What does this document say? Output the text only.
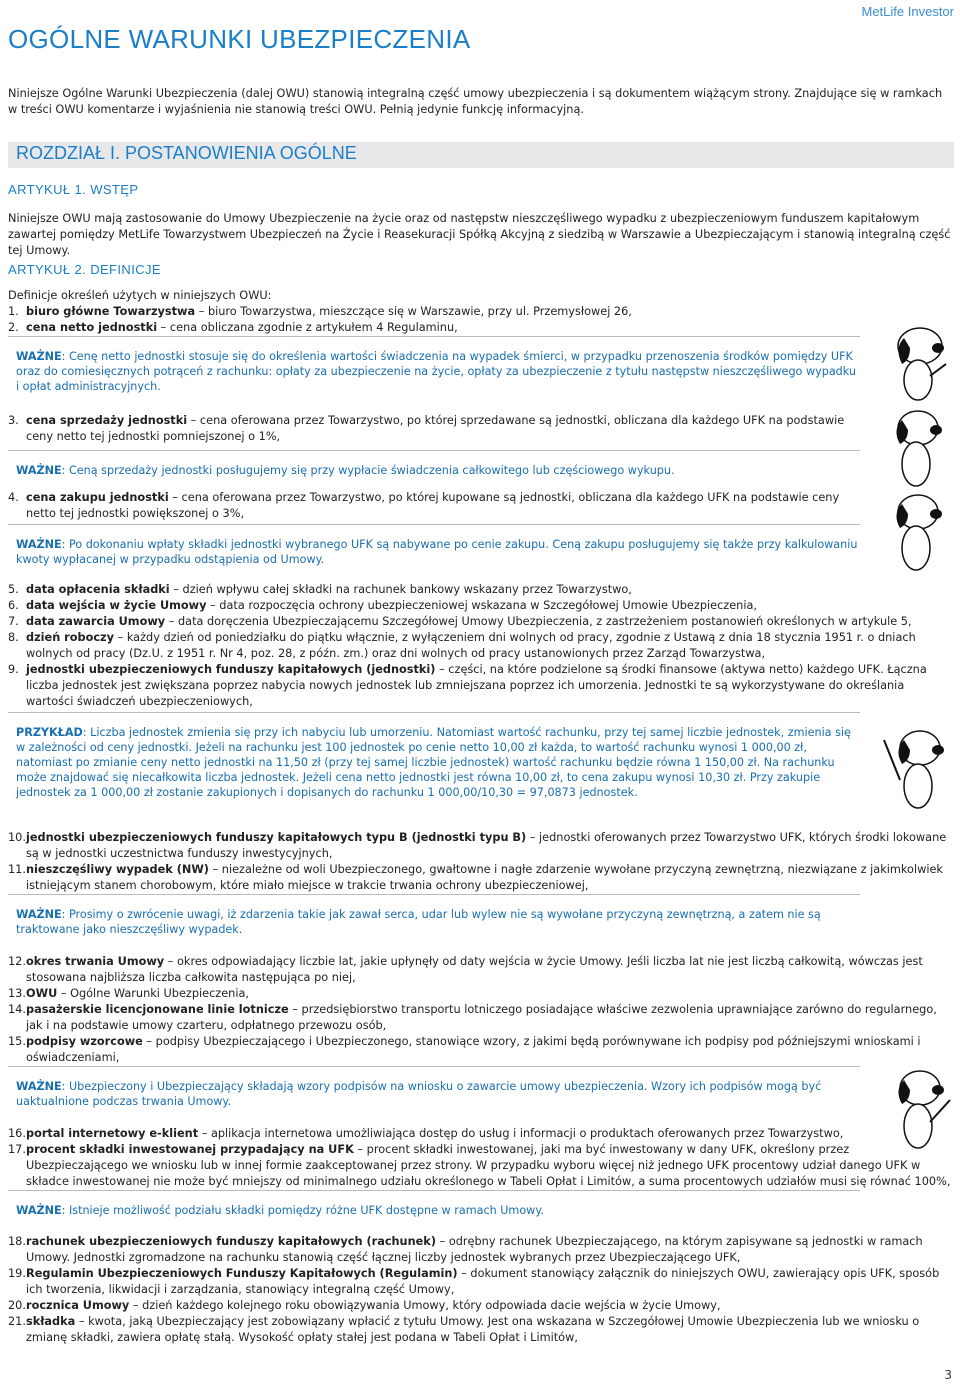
OGÓLNE WARUNKI UBEZPIECZENIA
MetLife Investor

Niniejsze Ogólne Warunki Ubezpieczenia (dalej OWU) stanowią integralną część umowy ubezpieczenia i są dokumentem wiążącym strony. Znajdujące się w ramkach w treści OWU komentarze i wyjaśnienia nie stanowią treści OWU. Pełnią jedynie funkcję informacyjną.

ROZDZIAŁ I. POSTANOWIENIA OGÓLNE
ARTYKUŁ 1. WSTĘP

Niniejsze OWU mają zastosowanie do Umowy Ubezpieczenie na życie oraz od następstw nieszczęśliwego wypadku z ubezpieczeniowym funduszem kapitałowym zawartej pomiędzy MetLife Towarzystwem Ubezpieczeń na Życie i Reasekuracji Spółką Akcyjną z siedzibą w Warszawie a Ubezpieczającym i stanowią integralną część tej Umowy.

ARTYKUŁ 2. DEFINICJE

Definicje określeń użytych w niniejszych OWU:

1. biuro główne Towarzystwa – biuro Towarzystwa, mieszczące się w Warszawie, przy ul. Przemysłowej 26,
2. cena netto jednostki – cena obliczana zgodnie z artykułem 4 Regulaminu,
WAŻNE: Cenę netto jednostki stosuje się do określenia wartości świadczenia na wypadek śmierci, w przypadku przenoszenia środków pomiędzy UFK oraz do comiesięcznych potrąceń z rachunku: opłaty za ubezpieczenie na życie, opłaty za ubezpieczenie z tytułu następstw nieszczęśliwego wypadku i opłat administracyjnych.
3. cena sprzedaży jednostki – cena oferowana przez Towarzystwo, po której sprzedawane są jednostki, obliczana dla każdego UFK na podstawie ceny netto tej jednostki pomniejszonej o 1%,
WAŻNE: Ceną sprzedaży jednostki posługujemy się przy wypłacie świadczenia całkowitego lub częściowego wykupu.
4. cena zakupu jednostki – cena oferowana przez Towarzystwo, po której kupowane są jednostki, obliczana dla każdego UFK na podstawie ceny netto tej jednostki powiększonej o 3%,
WAŻNE: Po dokonaniu wpłaty składki jednostki wybranego UFK są nabywane po cenie zakupu. Ceną zakupu posługujemy się także przy kalkulowaniu kwoty wypłacanej w przypadku odstąpienia od Umowy.
5. data opłacenia składki – dzień wpływu całej składki na rachunek bankowy wskazany przez Towarzystwo,
6. data wejścia w życie Umowy – data rozpoczęcia ochrony ubezpieczeniowej wskazana w Szczegółowej Umowie Ubezpieczenia,
7. data zawarcia Umowy – data doręczenia Ubezpieczającemu Szczegółowej Umowy Ubezpieczenia, z zastrzeżeniem postanowień określonych w artykule 5,
8. dzień roboczy – każdy dzień od poniedziałku do piątku włącznie, z wyłączeniem dni wolnych od pracy, zgodnie z Ustawą z dnia 18 stycznia 1951 r. o dniach wolnych od pracy (Dz.U. z 1951 r. Nr 4, poz. 28, z późn. zm.) oraz dni wolnych od pracy ustanowionych przez Zarząd Towarzystwa,
9. jednostki ubezpieczeniowych funduszy kapitałowych (jednostki) – części, na które podzielone są środki finansowe (aktywa netto) każdego UFK. Łączna liczba jednostek jest zwiększana poprzez nabycia nowych jednostek lub zmniejszana poprzez ich umorzenia. Jednostki te są wykorzystywane do określania wartości świadczeń ubezpieczeniowych,
PRZYKŁAD: Liczba jednostek zmienia się przy ich nabyciu lub umorzeniu. Natomiast wartość rachunku, przy tej samej liczbie jednostek, zmienia się w zależności od ceny jednostki. Jeżeli na rachunku jest 100 jednostek po cenie netto 10,00 zł każda, to wartość rachunku wynosi 1 000,00 zł, natomiast po zmianie ceny netto jednostki na 11,50 zł (przy tej samej liczbie jednostek) wartość rachunku będzie równa 1 150,00 zł. Na rachunku może znajdować się niecałkowita liczba jednostek. Jeżeli cena netto jednostki jest równa 10,00 zł, to cena zakupu wynosi 10,30 zł. Przy zakupie jednostek za 1 000,00 zł zostanie zakupionych i dopisanych do rachunku 1 000,00/10,30 = 97,0873 jednostek.
10. jednostki ubezpieczeniowych funduszy kapitałowych typu B (jednostki typu B) – jednostki oferowanych przez Towarzystwo UFK, których środki lokowane są w jednostki uczestnictwa funduszy inwestycyjnych,
11. nieszczęśliwy wypadek (NW) – niezależne od woli Ubezpieczonego, gwałtowne i nagłe zdarzenie wywołane przyczyną zewnętrzną, niezwiązane z jakimkolwiek istniejącym stanem chorobowym, które miało miejsce w trakcie trwania ochrony ubezpieczeniowej,
WAŻNE: Prosimy o zwrócenie uwagi, iż zdarzenia takie jak zawał serca, udar lub wylew nie są wywołane przyczyną zewnętrzną, a zatem nie są traktowane jako nieszczęśliwy wypadek.
12. okres trwania Umowy – okres odpowiadający liczbie lat, jakie upłynęły od daty wejścia w życie Umowy. Jeśli liczba lat nie jest liczbą całkowitą, wówczas jest stosowana najbliższa liczba całkowita następująca po niej,
13. OWU – Ogólne Warunki Ubezpieczenia,
14. pasażerskie licencjonowane linie lotnicze – przedsiębiorstwo transportu lotniczego posiadające właściwe zezwolenia uprawniające zarówno do regularnego, jak i na podstawie umowy czarteru, odpłatnego przewozu osób,
15. podpisy wzorcowe – podpisy Ubezpieczającego i Ubezpieczonego, stanowiące wzory, z jakimi będą porównywane ich podpisy pod późniejszymi wnioskami i oświadczeniami,
WAŻNE: Ubezpieczony i Ubezpieczający składają wzory podpisów na wniosku o zawarcie umowy ubezpieczenia. Wzory ich podpisów mogą być uaktualnione podczas trwania Umowy.
16. portal internetowy e-klient – aplikacja internetowa umożliwiająca dostęp do usług i informacji o produktach oferowanych przez Towarzystwo,
17. procent składki inwestowanej przypadający na UFK – procent składki inwestowanej, jaki ma być inwestowany w dany UFK, określony przez Ubezpieczającego we wniosku lub w innej formie zaakceptowanej przez strony. W przypadku wyboru więcej niż jednego UFK procentowy udział danego UFK w składce inwestowanej nie może być mniejszy od minimalnego udziału określonego w Tabeli Opłat i Limitów, a suma procentowych udziałów musi się równać 100%,
WAŻNE: Istnieje możliwość podziału składki pomiędzy różne UFK dostępne w ramach Umowy.
18. rachunek ubezpieczeniowych funduszy kapitałowych (rachunek) – odrębny rachunek Ubezpieczającego, na którym zapisywane są jednostki w ramach Umowy. Jednostki zgromadzone na rachunku stanowią część łącznej liczby jednostek wybranych przez Ubezpieczającego UFK,
19. Regulamin Ubezpieczeniowych Funduszy Kapitałowych (Regulamin) – dokument stanowiący załącznik do niniejszych OWU, zawierający opis UFK, sposób ich tworzenia, likwidacji i zarządzania, stanowiący integralną część Umowy,
20. rocznica Umowy – dzień każdego kolejnego roku obowiązywania Umowy, który odpowiada dacie wejścia w życie Umowy,
21. składka – kwota, jaką Ubezpieczający jest zobowiązany wpłacić z tytułu Umowy. Jest ona wskazana w Szczegółowej Umowie Ubezpieczenia lub we wniosku o zmianę składki, zawiera opłatę stałą. Wysokość opłaty stałej jest podana w Tabeli Opłat i Limitów,
3
